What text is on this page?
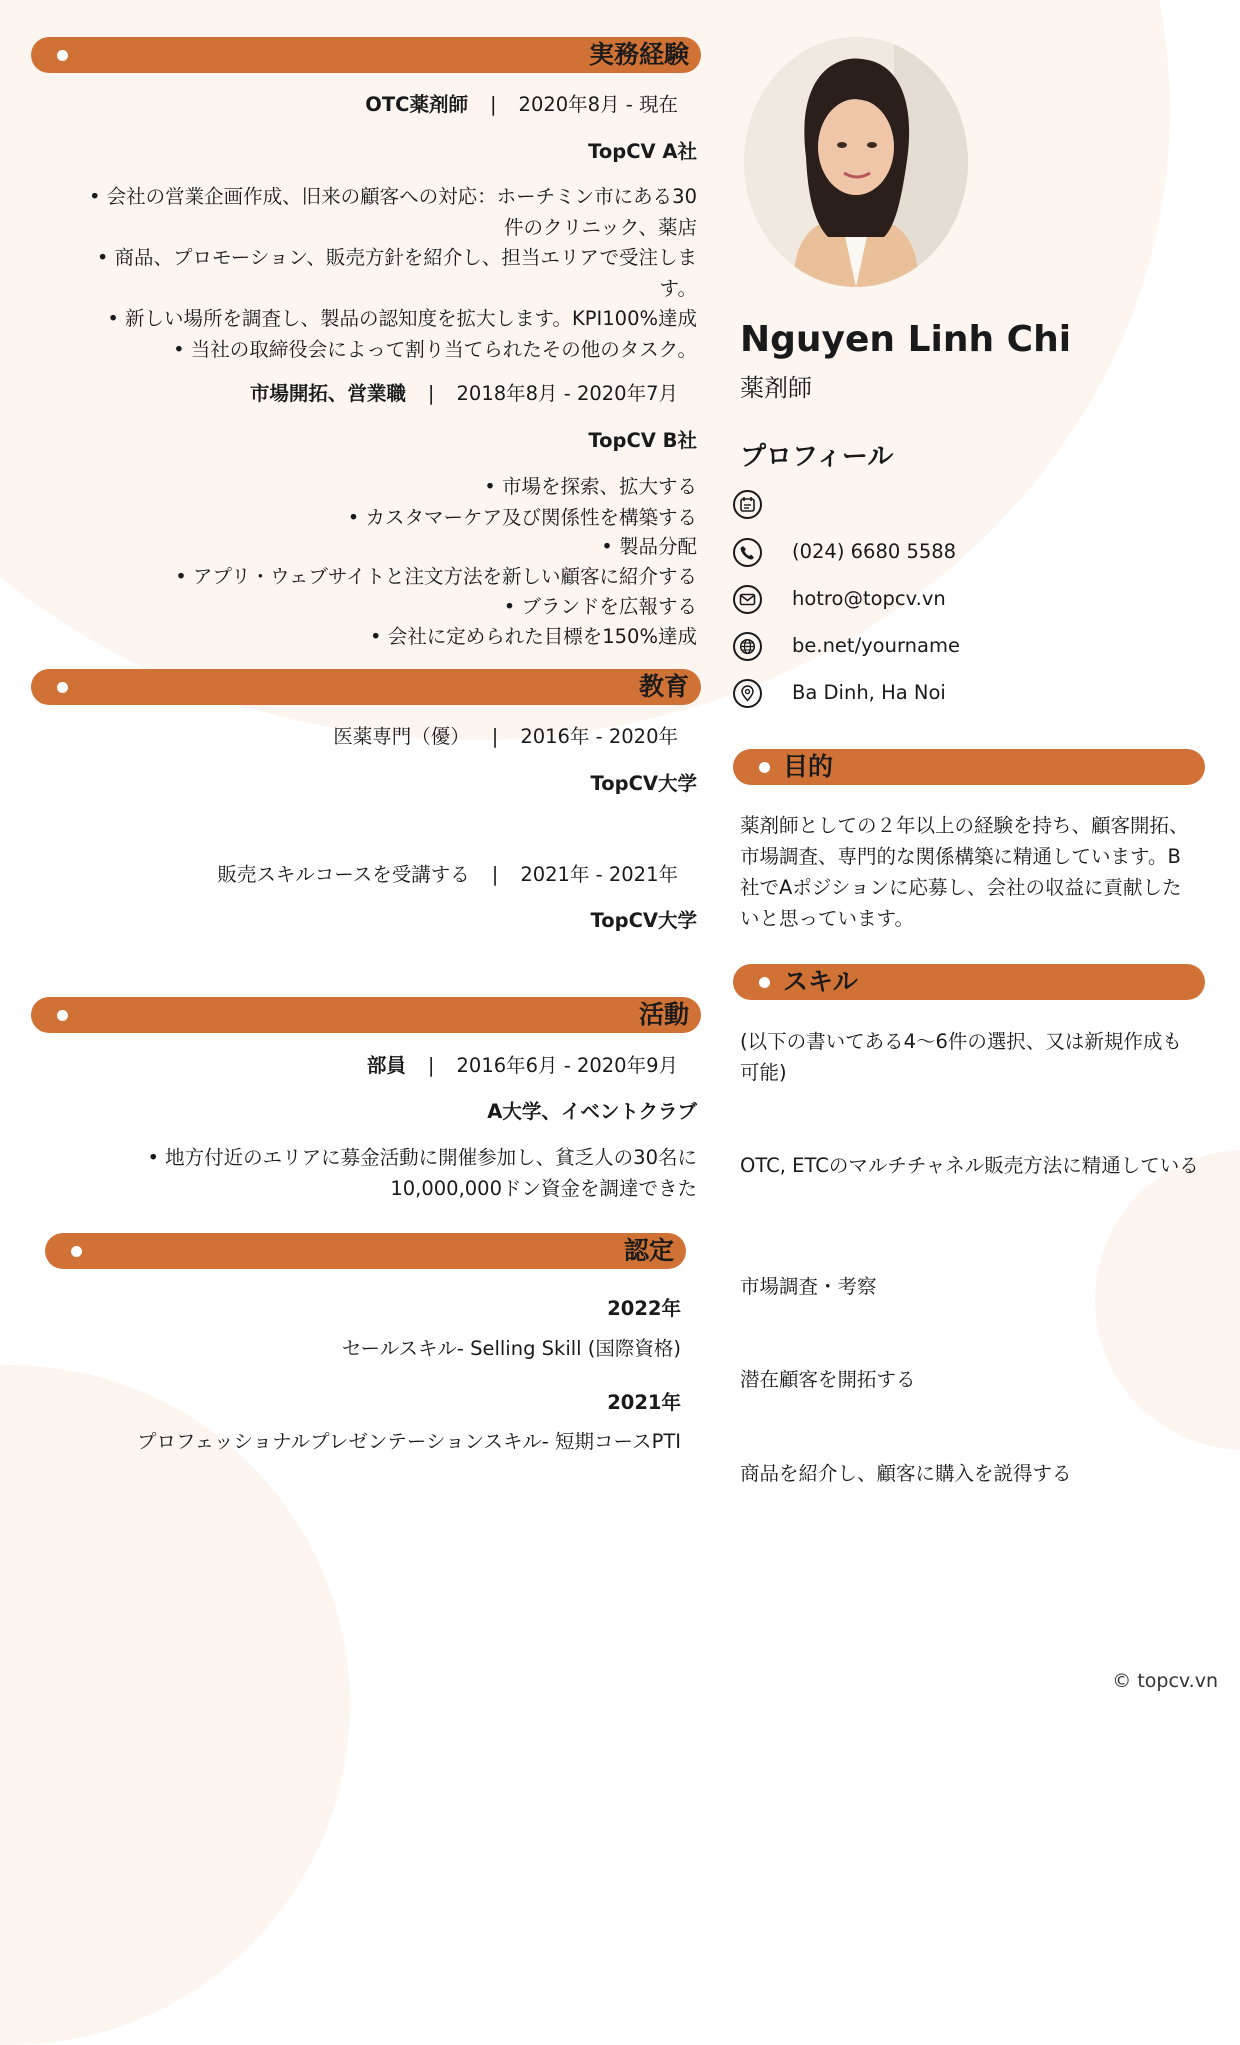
実務経験
OTC薬剤師 | 2020年8月 - 現在
TopCV A社
• 会社の営業企画作成、旧来の顧客への対応：ホーチミン市にある30
件のクリニック、薬店
• 商品、プロモーション、販売方針を紹介し、担当エリアで受注しま
す。
• 新しい場所を調査し、製品の認知度を拡大します。KPI100%達成
• 当社の取締役会によって割り当てられたその他のタスク。
市場開拓、営業職 | 2018年8月 - 2020年7月
TopCV B社
• 市場を探索、拡大する
• カスタマーケア及び関係性を構築する
• 製品分配
• アプリ・ウェブサイトと注文方法を新しい顧客に紹介する
• ブランドを広報する
• 会社に定められた目標を150%達成
教育
医薬専門（優） | 2016年 - 2020年
TopCV大学
販売スキルコースを受講する | 2021年 - 2021年
TopCV大学
活動
部員 | 2016年6月 - 2020年9月
A大学、イベントクラブ
• 地方付近のエリアに募金活動に開催参加し、貧乏人の30名に
10,000,000ドン資金を調達できた
認定
2022年
セールスキル- Selling Skill (国際資格)
2021年
プロフェッショナルプレゼンテーションスキル- 短期コースPTI
Nguyen Linh Chi
薬剤師
プロフィール
(024) 6680 5588
hotro@topcv.vn
be.net/yourname
Ba Dinh, Ha Noi
目的
薬剤師としての２年以上の経験を持ち、顧客開拓、市場調査、専門的な関係構築に精通しています。B社でAポジションに応募し、会社の収益に貢献したいと思っています。
スキル
(以下の書いてある4～6件の選択、又は新規作成も可能)
OTC, ETCのマルチチャネル販売方法に精通している
市場調査・考察
潜在顧客を開拓する
商品を紹介し、顧客に購入を説得する
© topcv.vn
